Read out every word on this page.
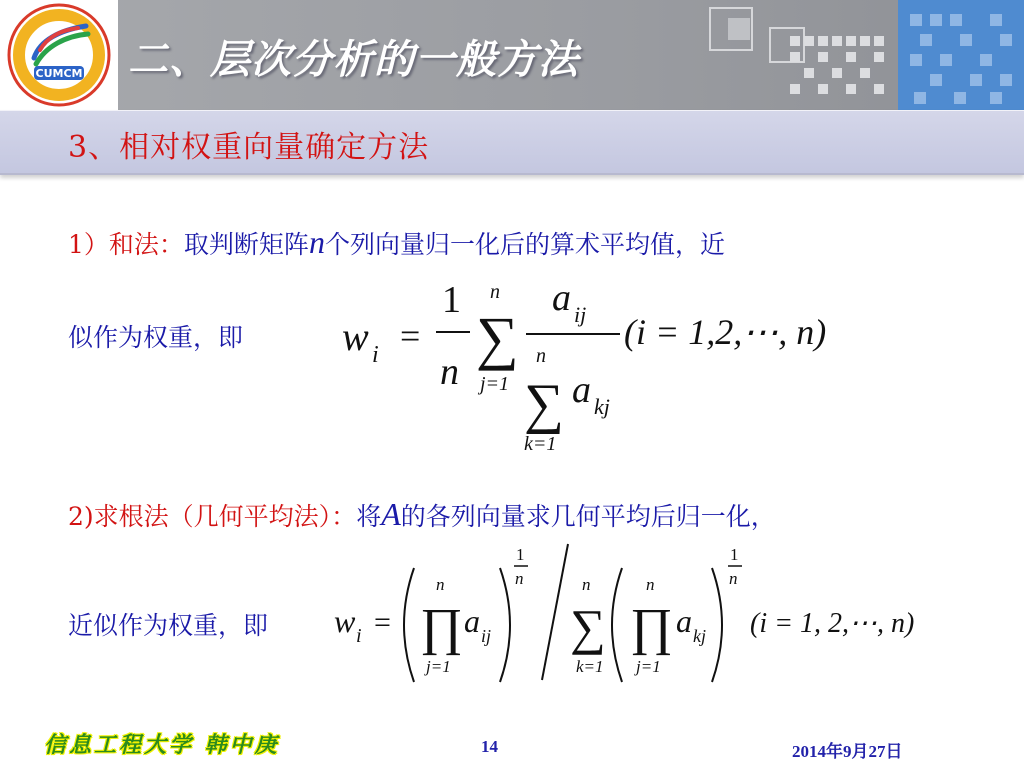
CUMCM 二、层次分析的一般方法
3、相对权重向量确定方法
1）和法：取判断矩阵n个列向量归一化后的算术平均值，近
似作为权重，即 w i =
1
n
n
∑
j=1
a ij
n
∑
k=1
a kj
(i = 1,2,⋯, n)
2)求根法（几何平均法）：将A的各列向量求几何平均后归一化，
近似作为权重，即 w i =
n
∏
j=1
a ij
1
n	n
∑
k=1
n
∏
j=1
a kj
1
n
(i = 1, 2,⋯, n)
信息工程大学 韩中庚	14	2014年9月27日
